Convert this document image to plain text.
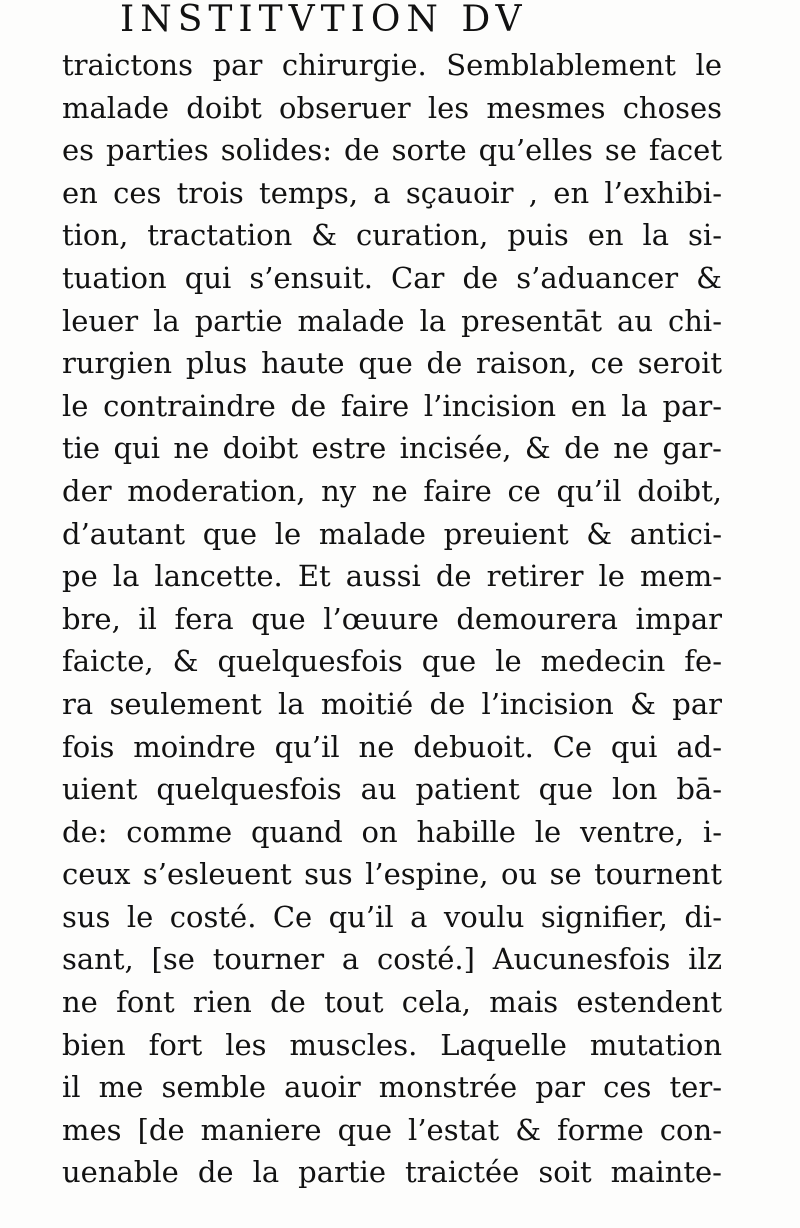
INSTITVTION DV
traictons par chirurgie. Semblablement le
malade doibt obseruer les mesmes choses
es parties solides: de sorte qu’elles se facet
en ces trois temps, a sçauoir , en l’exhibi-
tion, tractation & curation, puis en la si-
tuation qui s’ensuit. Car de s’aduancer &
leuer la partie malade la presentāt au chi-
rurgien plus haute que de raison, ce seroit
le contraindre de faire l’incision en la par-
tie qui ne doibt estre incisée, & de ne gar-
der moderation, ny ne faire ce qu’il doibt,
d’autant que le malade preuient & antici-
pe la lancette. Et aussi de retirer le mem-
bre, il fera que l’œuure demourera impar
faicte, & quelquesfois que le medecin fe-
ra seulement la moitié de l’incision & par
fois moindre qu’il ne debuoit. Ce qui ad-
uient quelquesfois au patient que lon bā-
de: comme quand on habille le ventre, i-
ceux s’esleuent sus l’espine, ou se tournent
sus le costé. Ce qu’il a voulu signifier, di-
sant, [se tourner a costé.] Aucunesfois ilz
ne font rien de tout cela, mais estendent
bien fort les muscles. Laquelle mutation
il me semble auoir monstrée par ces ter-
mes [de maniere que l’estat & forme con-
uenable de la partie traictée soit mainte-
